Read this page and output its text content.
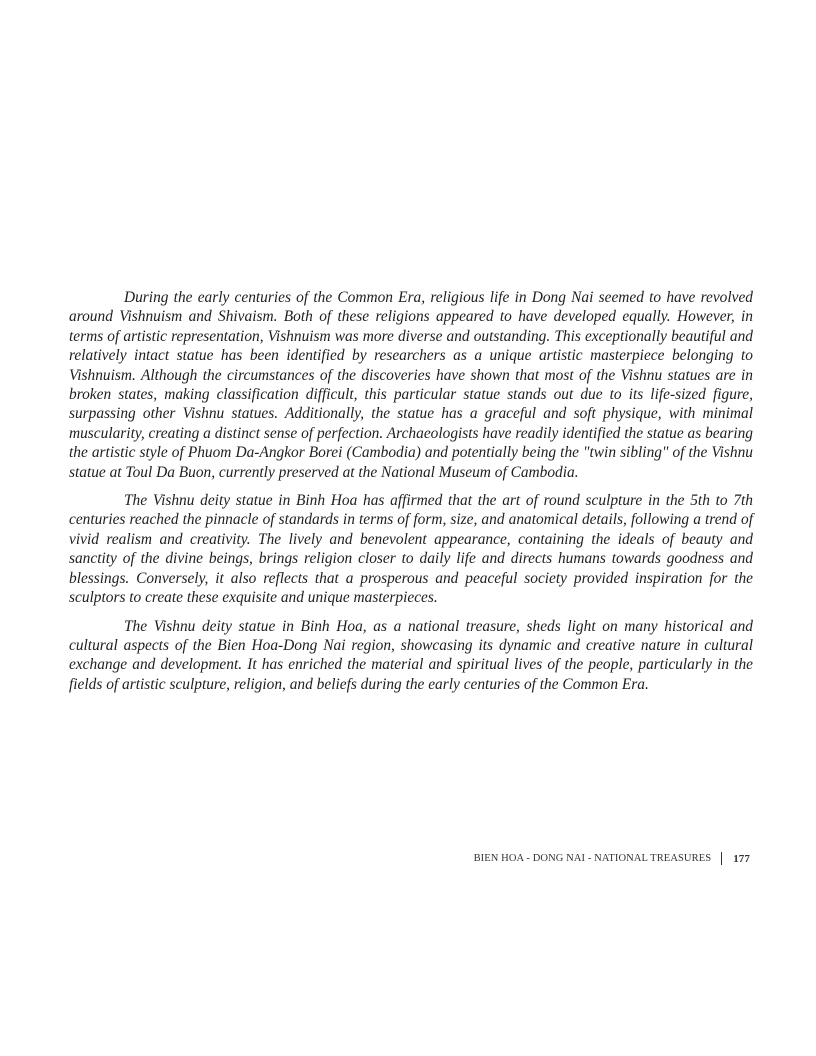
During the early centuries of the Common Era, religious life in Dong Nai seemed to have revolved around Vishnuism and Shivaism. Both of these religions appeared to have developed equally. However, in terms of artistic representation, Vishnuism was more diverse and outstanding. This exceptionally beautiful and relatively intact statue has been identified by researchers as a unique artistic masterpiece belonging to Vishnuism. Although the circumstances of the discoveries have shown that most of the Vishnu statues are in broken states, making classification difficult, this particular statue stands out due to its life-sized figure, surpassing other Vishnu statues. Additionally, the statue has a graceful and soft physique, with minimal muscularity, creating a distinct sense of perfection. Archaeologists have readily identified the statue as bearing the artistic style of Phuom Da-Angkor Borei (Cambodia) and potentially being the "twin sibling" of the Vishnu statue at Toul Da Buon, currently preserved at the National Museum of Cambodia.

The Vishnu deity statue in Binh Hoa has affirmed that the art of round sculpture in the 5th to 7th centuries reached the pinnacle of standards in terms of form, size, and anatomical details, following a trend of vivid realism and creativity. The lively and benevolent appearance, containing the ideals of beauty and sanctity of the divine beings, brings religion closer to daily life and directs humans towards goodness and blessings. Conversely, it also reflects that a prosperous and peaceful society provided inspiration for the sculptors to create these exquisite and unique masterpieces.

The Vishnu deity statue in Binh Hoa, as a national treasure, sheds light on many historical and cultural aspects of the Bien Hoa-Dong Nai region, showcasing its dynamic and creative nature in cultural exchange and development. It has enriched the material and spiritual lives of the people, particularly in the fields of artistic sculpture, religion, and beliefs during the early centuries of the Common Era.

BIEN HOA - DONG NAI - NATIONAL TREASURES 177
